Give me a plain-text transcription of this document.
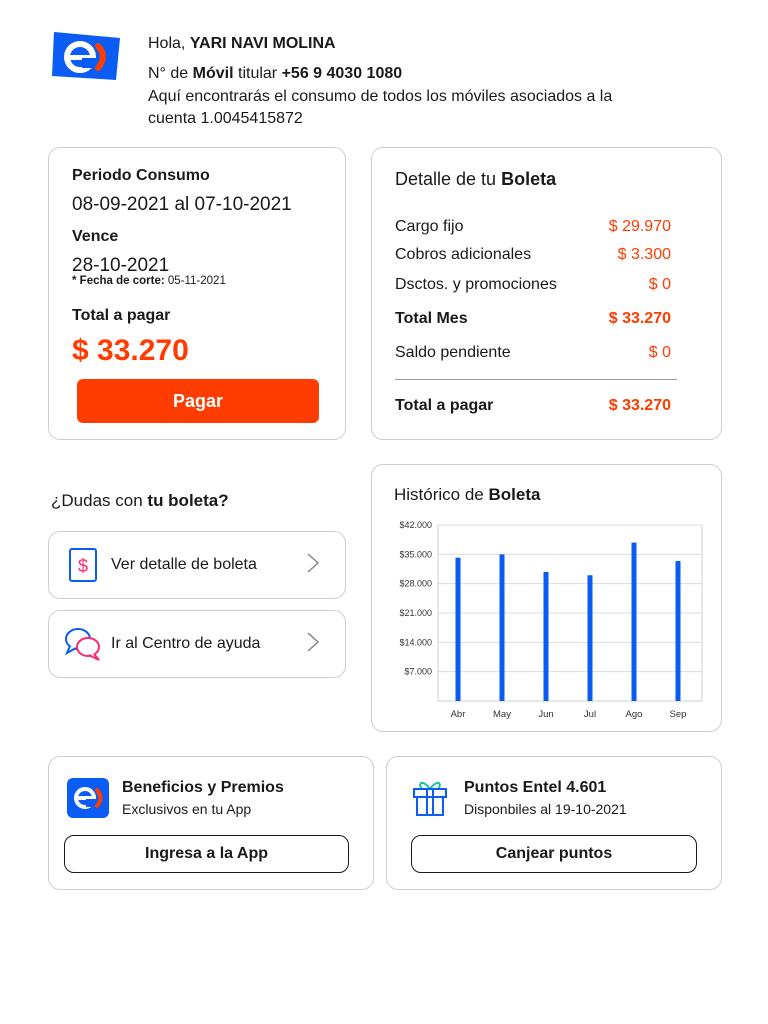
Hola, YARI NAVI MOLINA
N° de Móvil titular +56 9 4030 1080
Aquí encontrarás el consumo de todos los móviles asociados a la
cuenta 1.0045415872
Periodo Consumo
08-09-2021 al 07-10-2021
Vence
28-10-2021
* Fecha de corte: 05-11-2021
Total a pagar
$ 33.270
Pagar
Detalle de tu Boleta
Cargo fijo	$ 29.970
Cobros adicionales	$ 3.300
Dsctos. y promociones	$ 0
Total Mes	$ 33.270
Saldo pendiente	$ 0
Total a pagar	$ 33.270
¿Dudas con tu boleta?
$ Ver detalle de boleta
Ir al Centro de ayuda
Histórico de Boleta
$7.000
$14.000
$21.000
$28.000
$35.000
$42.000
Abr	May	Jun	Jul	Ago	Sep
Beneficios y Premios
Exclusivos en tu App
Ingresa a la App
Puntos Entel 4.601
Disponbiles al 19-10-2021
Canjear puntos
